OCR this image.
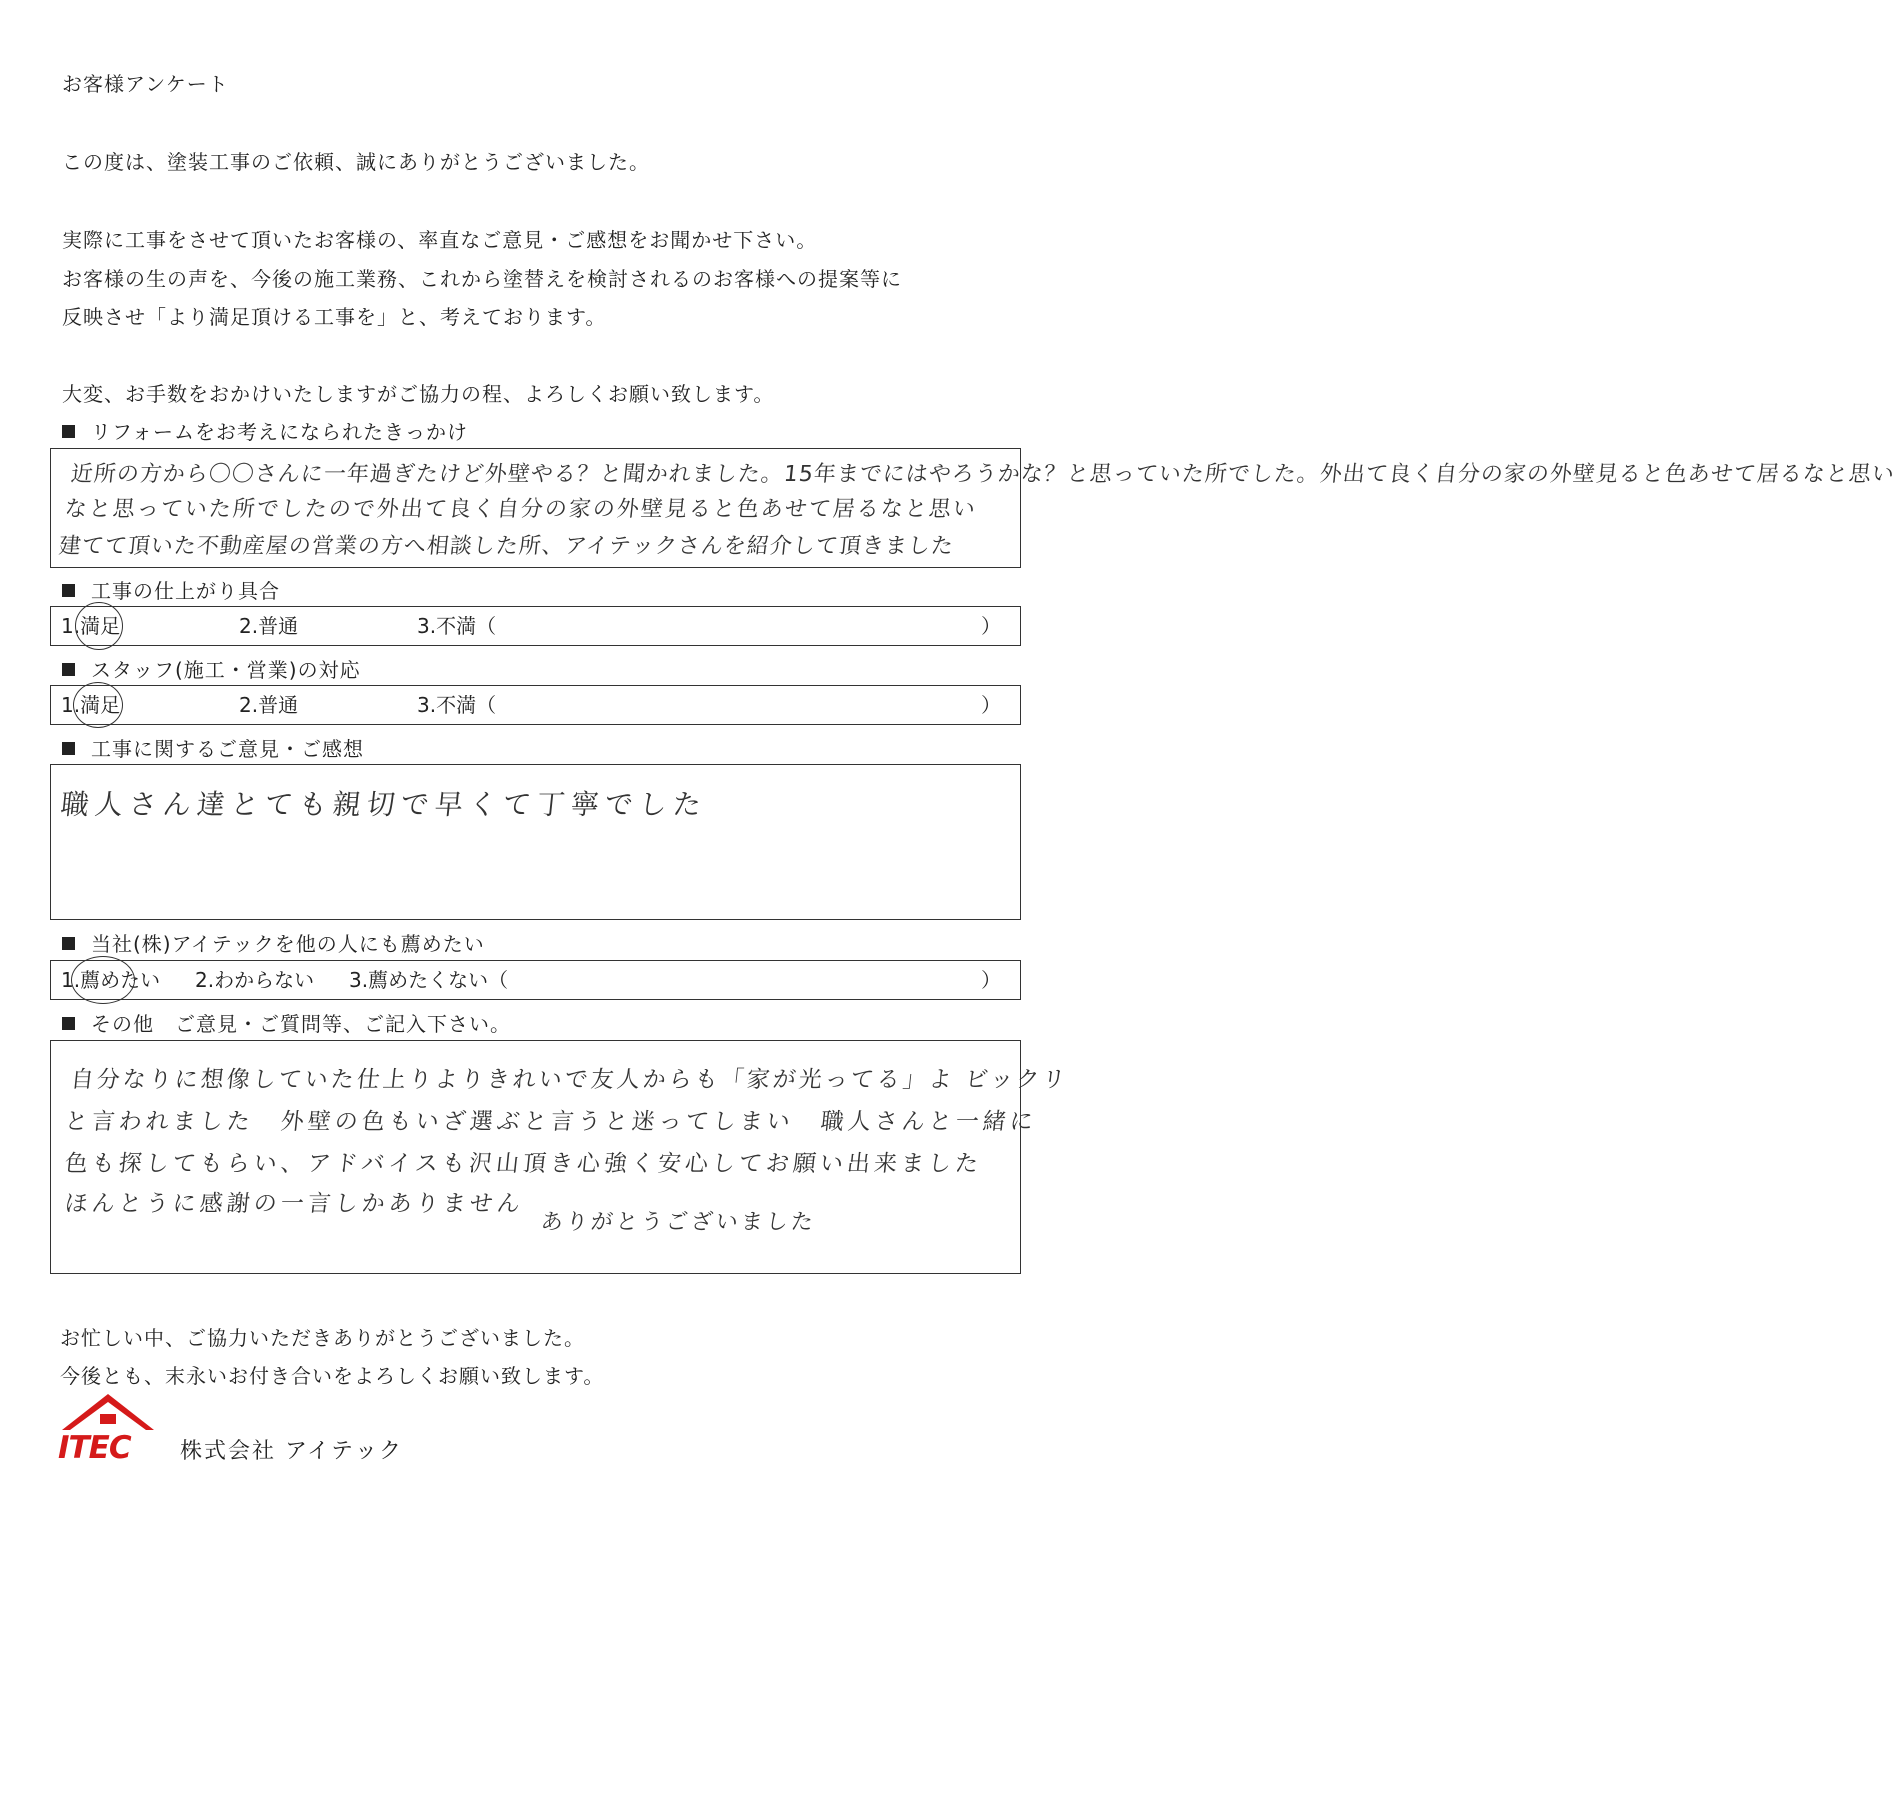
お客様アンケート
この度は、塗装工事のご依頼、誠にありがとうございました。
実際に工事をさせて頂いたお客様の、率直なご意見・ご感想をお聞かせ下さい。
お客様の生の声を、今後の施工業務、これから塗替えを検討されるのお客様への提案等に
反映させ「より満足頂ける工事を」と、考えております。
大変、お手数をおかけいたしますがご協力の程、よろしくお願い致します。
リフォームをお考えになられたきっかけ
近所の方から〇〇さんに一年過ぎたけど外壁やる？と聞かれました。15年までにはやろうかな？と思っていた所でした。外出て良く自分の家の外壁見ると色あせて居るなと思い
なと思っていた所でしたので外出て良く自分の家の外壁見ると色あせて居るなと思い
建てて頂いた不動産屋の営業の方へ相談した所、アイテックさんを紹介して頂きました
工事の仕上がり具合
1.満足	2.普通	3.不満（	）
スタッフ(施工・営業)の対応
1.満足	2.普通	3.不満（	）
工事に関するご意見・ご感想
職人さん達とても親切で早くて丁寧でした
当社(株)アイテックを他の人にも薦めたい
1.薦めたい 2.わからない 3.薦めたくない（	）
その他　ご意見・ご質問等、ご記入下さい。
自分なりに想像していた仕上りよりきれいで友人からも「家が光ってる」よ ビックリ
と言われました　外壁の色もいざ選ぶと言うと迷ってしまい　職人さんと一緒に
色も探してもらい、アドバイスも沢山頂き心強く安心してお願い出来ました
ほんとうに感謝の一言しかありません
ありがとうございました
お忙しい中、ご協力いただきありがとうございました。
今後とも、末永いお付き合いをよろしくお願い致します。
ITEC	株式会社 アイテック
